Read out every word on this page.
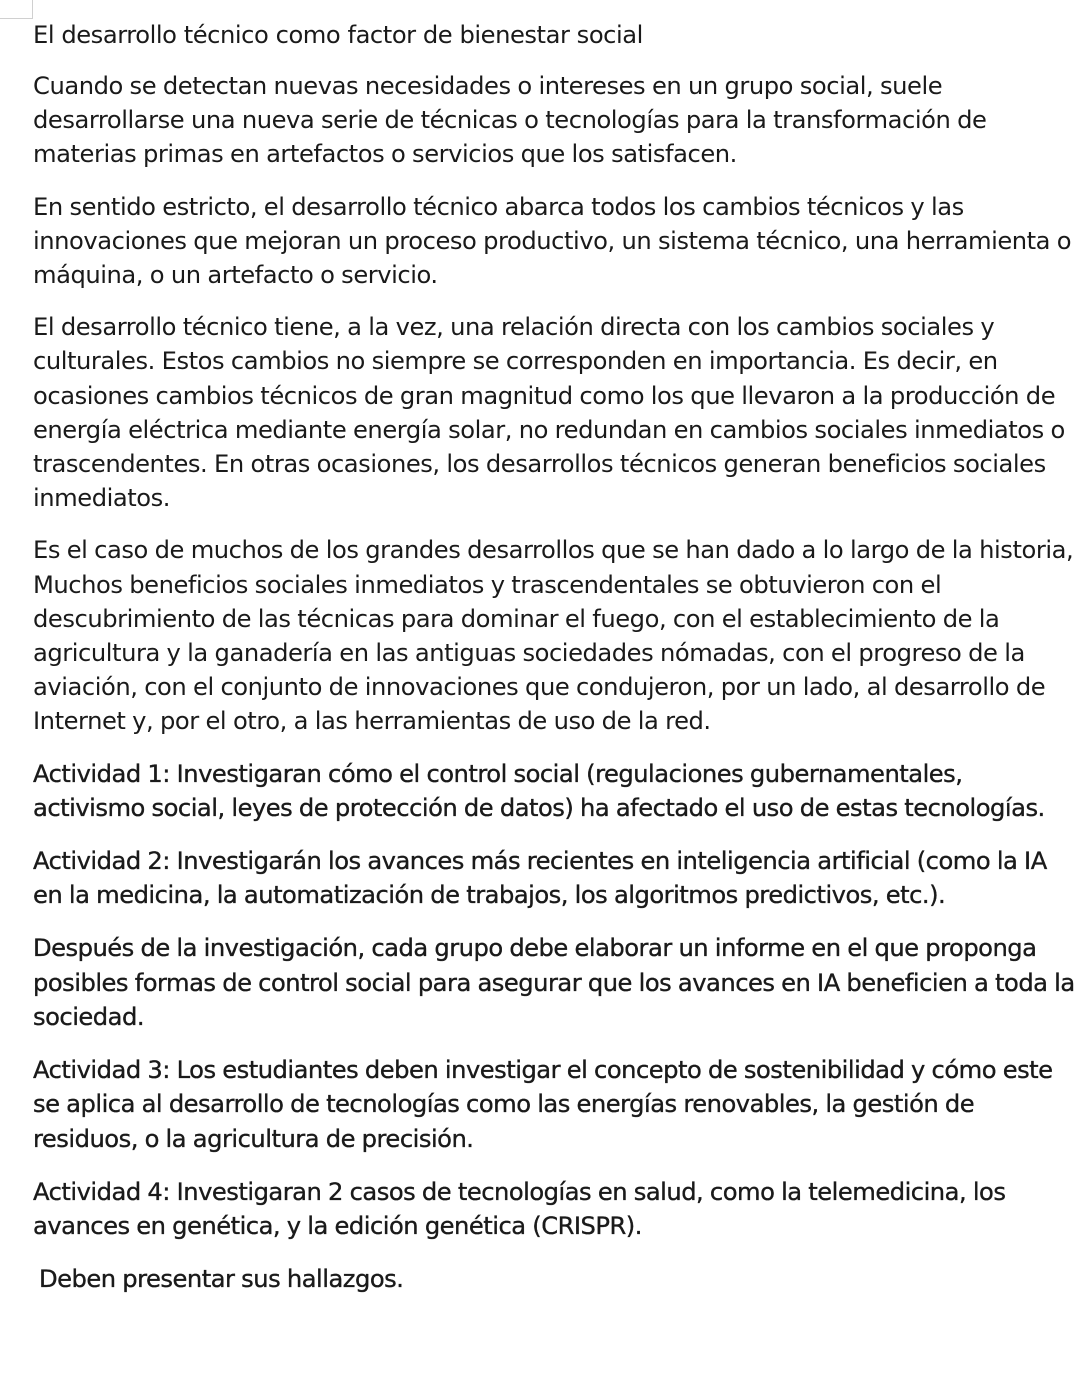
El desarrollo técnico como factor de bienestar social

Cuando se detectan nuevas necesidades o intereses en un grupo social, suele desarrollarse una nueva serie de técnicas o tecnologías para la transformación de materias primas en artefactos o servicios que los satisfacen.

En sentido estricto, el desarrollo técnico abarca todos los cambios técnicos y las innovaciones que mejoran un proceso productivo, un sistema técnico, una herramienta o máquina, o un artefacto o servicio.

El desarrollo técnico tiene, a la vez, una relación directa con los cambios sociales y culturales. Estos cambios no siempre se corresponden en importancia. Es decir, en ocasiones cambios técnicos de gran magnitud como los que llevaron a la producción de energía eléctrica mediante energía solar, no redundan en cambios sociales inmediatos o trascendentes. En otras ocasiones, los desarrollos técnicos generan beneficios sociales inmediatos.

Es el caso de muchos de los grandes desarrollos que se han dado a lo largo de la historia, Muchos beneficios sociales inmediatos y trascendentales se obtuvieron con el descubrimiento de las técnicas para dominar el fuego, con el establecimiento de la agricultura y la ganadería en las antiguas sociedades nómadas, con el progreso de la aviación, con el conjunto de innovaciones que condujeron, por un lado, al desarrollo de Internet y, por el otro, a las herramientas de uso de la red.

Actividad 1: Investigaran cómo el control social (regulaciones gubernamentales, activismo social, leyes de protección de datos) ha afectado el uso de estas tecnologías.

Actividad 2: Investigarán los avances más recientes en inteligencia artificial (como la IA en la medicina, la automatización de trabajos, los algoritmos predictivos, etc.).

Después de la investigación, cada grupo debe elaborar un informe en el que proponga posibles formas de control social para asegurar que los avances en IA beneficien a toda la sociedad.

Actividad 3: Los estudiantes deben investigar el concepto de sostenibilidad y cómo este se aplica al desarrollo de tecnologías como las energías renovables, la gestión de residuos, o la agricultura de precisión.

Actividad 4: Investigaran 2 casos de tecnologías en salud, como la telemedicina, los avances en genética, y la edición genética (CRISPR).

Deben presentar sus hallazgos.
